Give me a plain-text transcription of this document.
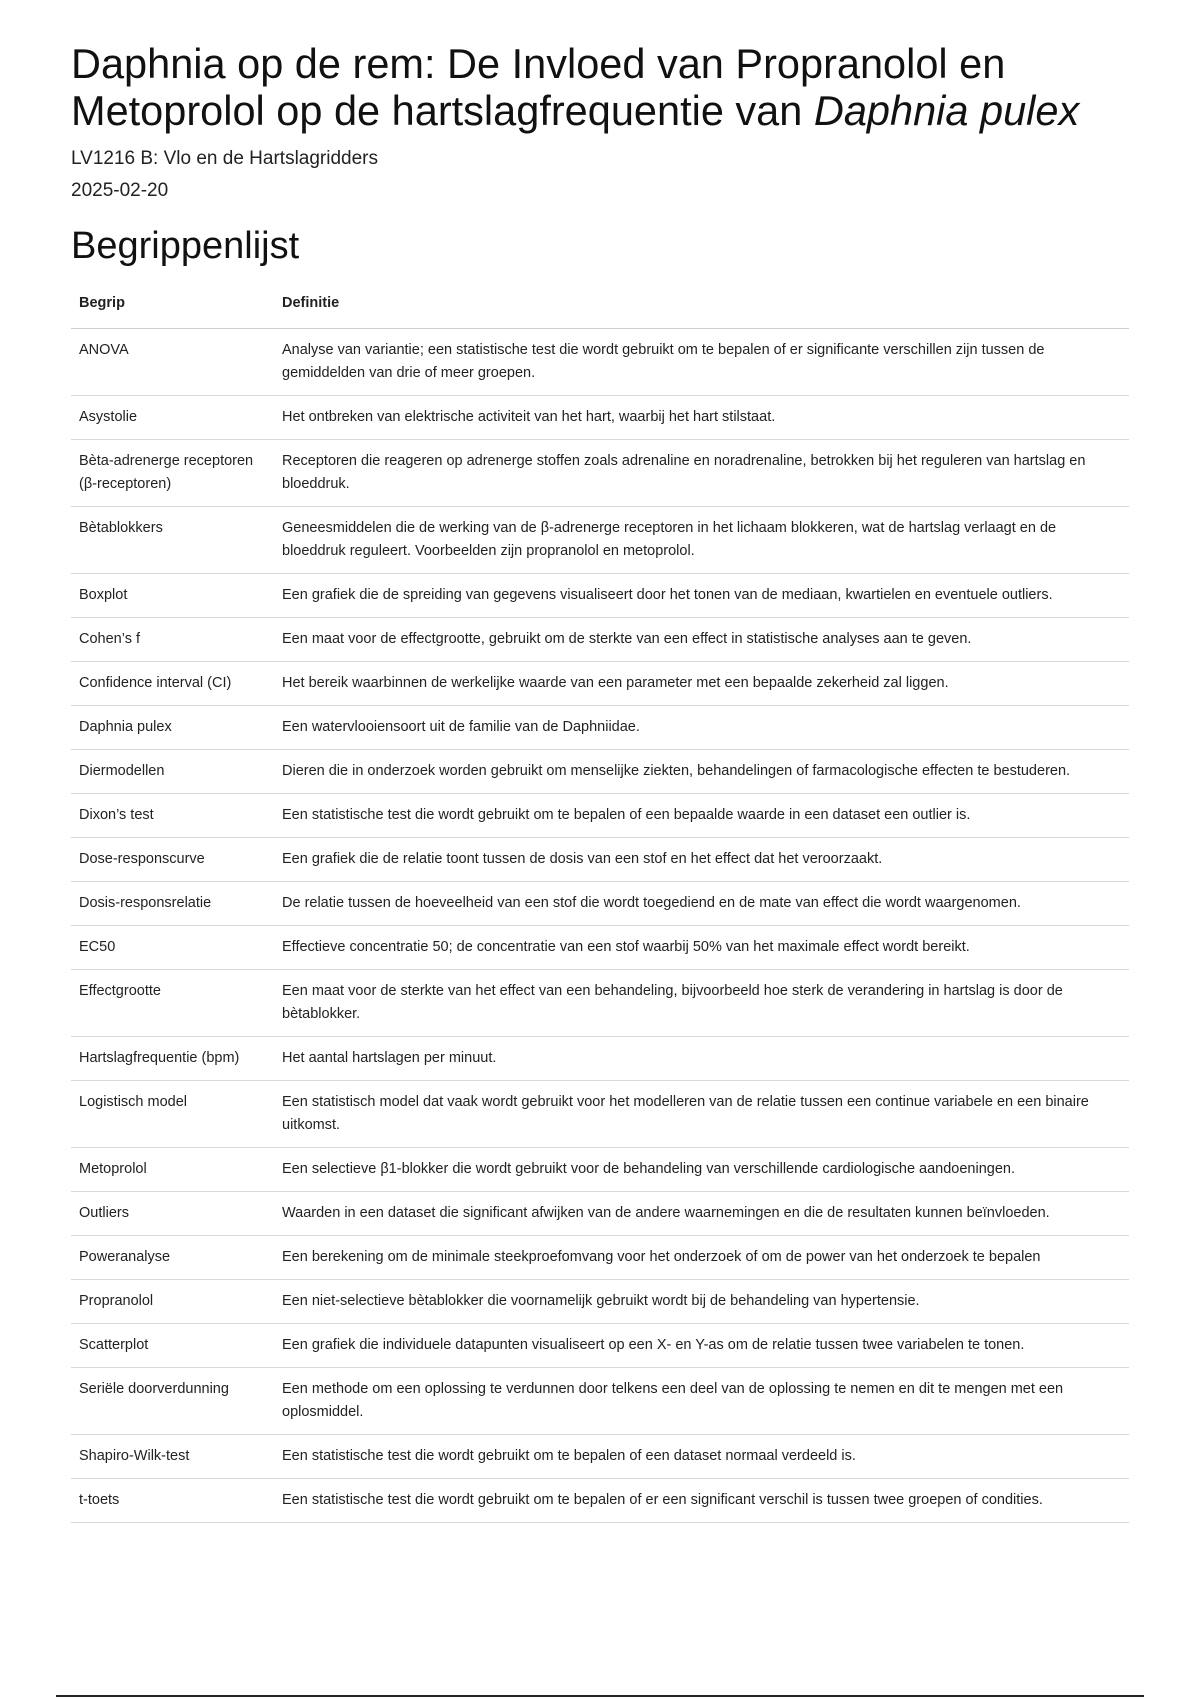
Daphnia op de rem: De Invloed van Propranolol en Metoprolol op de hartslagfrequentie van Daphnia pulex
LV1216 B: Vlo en de Hartslagridders
2025-02-20
Begrippenlijst
Begrip	Definitie
ANOVA	Analyse van variantie; een statistische test die wordt gebruikt om te bepalen of er significante verschillen zijn tussen de gemiddelden van drie of meer groepen.
Asystolie	Het ontbreken van elektrische activiteit van het hart, waarbij het hart stilstaat.
Bèta-adrenerge receptoren (β-receptoren)	Receptoren die reageren op adrenerge stoffen zoals adrenaline en noradrenaline, betrokken bij het reguleren van hartslag en bloeddruk.
Bètablokkers	Geneesmiddelen die de werking van de β-adrenerge receptoren in het lichaam blokkeren, wat de hartslag verlaagt en de bloeddruk reguleert. Voorbeelden zijn propranolol en metoprolol.
Boxplot	Een grafiek die de spreiding van gegevens visualiseert door het tonen van de mediaan, kwartielen en eventuele outliers.
Cohen’s f	Een maat voor de effectgrootte, gebruikt om de sterkte van een effect in statistische analyses aan te geven.
Confidence interval (CI)	Het bereik waarbinnen de werkelijke waarde van een parameter met een bepaalde zekerheid zal liggen.
Daphnia pulex	Een watervlooiensoort uit de familie van de Daphniidae.
Diermodellen	Dieren die in onderzoek worden gebruikt om menselijke ziekten, behandelingen of farmacologische effecten te bestuderen.
Dixon’s test	Een statistische test die wordt gebruikt om te bepalen of een bepaalde waarde in een dataset een outlier is.
Dose-responscurve	Een grafiek die de relatie toont tussen de dosis van een stof en het effect dat het veroorzaakt.
Dosis-responsrelatie	De relatie tussen de hoeveelheid van een stof die wordt toegediend en de mate van effect die wordt waargenomen.
EC50	Effectieve concentratie 50; de concentratie van een stof waarbij 50% van het maximale effect wordt bereikt.
Effectgrootte	Een maat voor de sterkte van het effect van een behandeling, bijvoorbeeld hoe sterk de verandering in hartslag is door de bètablokker.
Hartslagfrequentie (bpm)	Het aantal hartslagen per minuut.
Logistisch model	Een statistisch model dat vaak wordt gebruikt voor het modelleren van de relatie tussen een continue variabele en een binaire uitkomst.
Metoprolol	Een selectieve β1-blokker die wordt gebruikt voor de behandeling van verschillende cardiologische aandoeningen.
Outliers	Waarden in een dataset die significant afwijken van de andere waarnemingen en die de resultaten kunnen beïnvloeden.
Poweranalyse	Een berekening om de minimale steekproefomvang voor het onderzoek of om de power van het onderzoek te bepalen
Propranolol	Een niet-selectieve bètablokker die voornamelijk gebruikt wordt bij de behandeling van hypertensie.
Scatterplot	Een grafiek die individuele datapunten visualiseert op een X- en Y-as om de relatie tussen twee variabelen te tonen.
Seriële doorverdunning	Een methode om een oplossing te verdunnen door telkens een deel van de oplossing te nemen en dit te mengen met een oplosmiddel.
Shapiro-Wilk-test	Een statistische test die wordt gebruikt om te bepalen of een dataset normaal verdeeld is.
t-toets	Een statistische test die wordt gebruikt om te bepalen of er een significant verschil is tussen twee groepen of condities.
